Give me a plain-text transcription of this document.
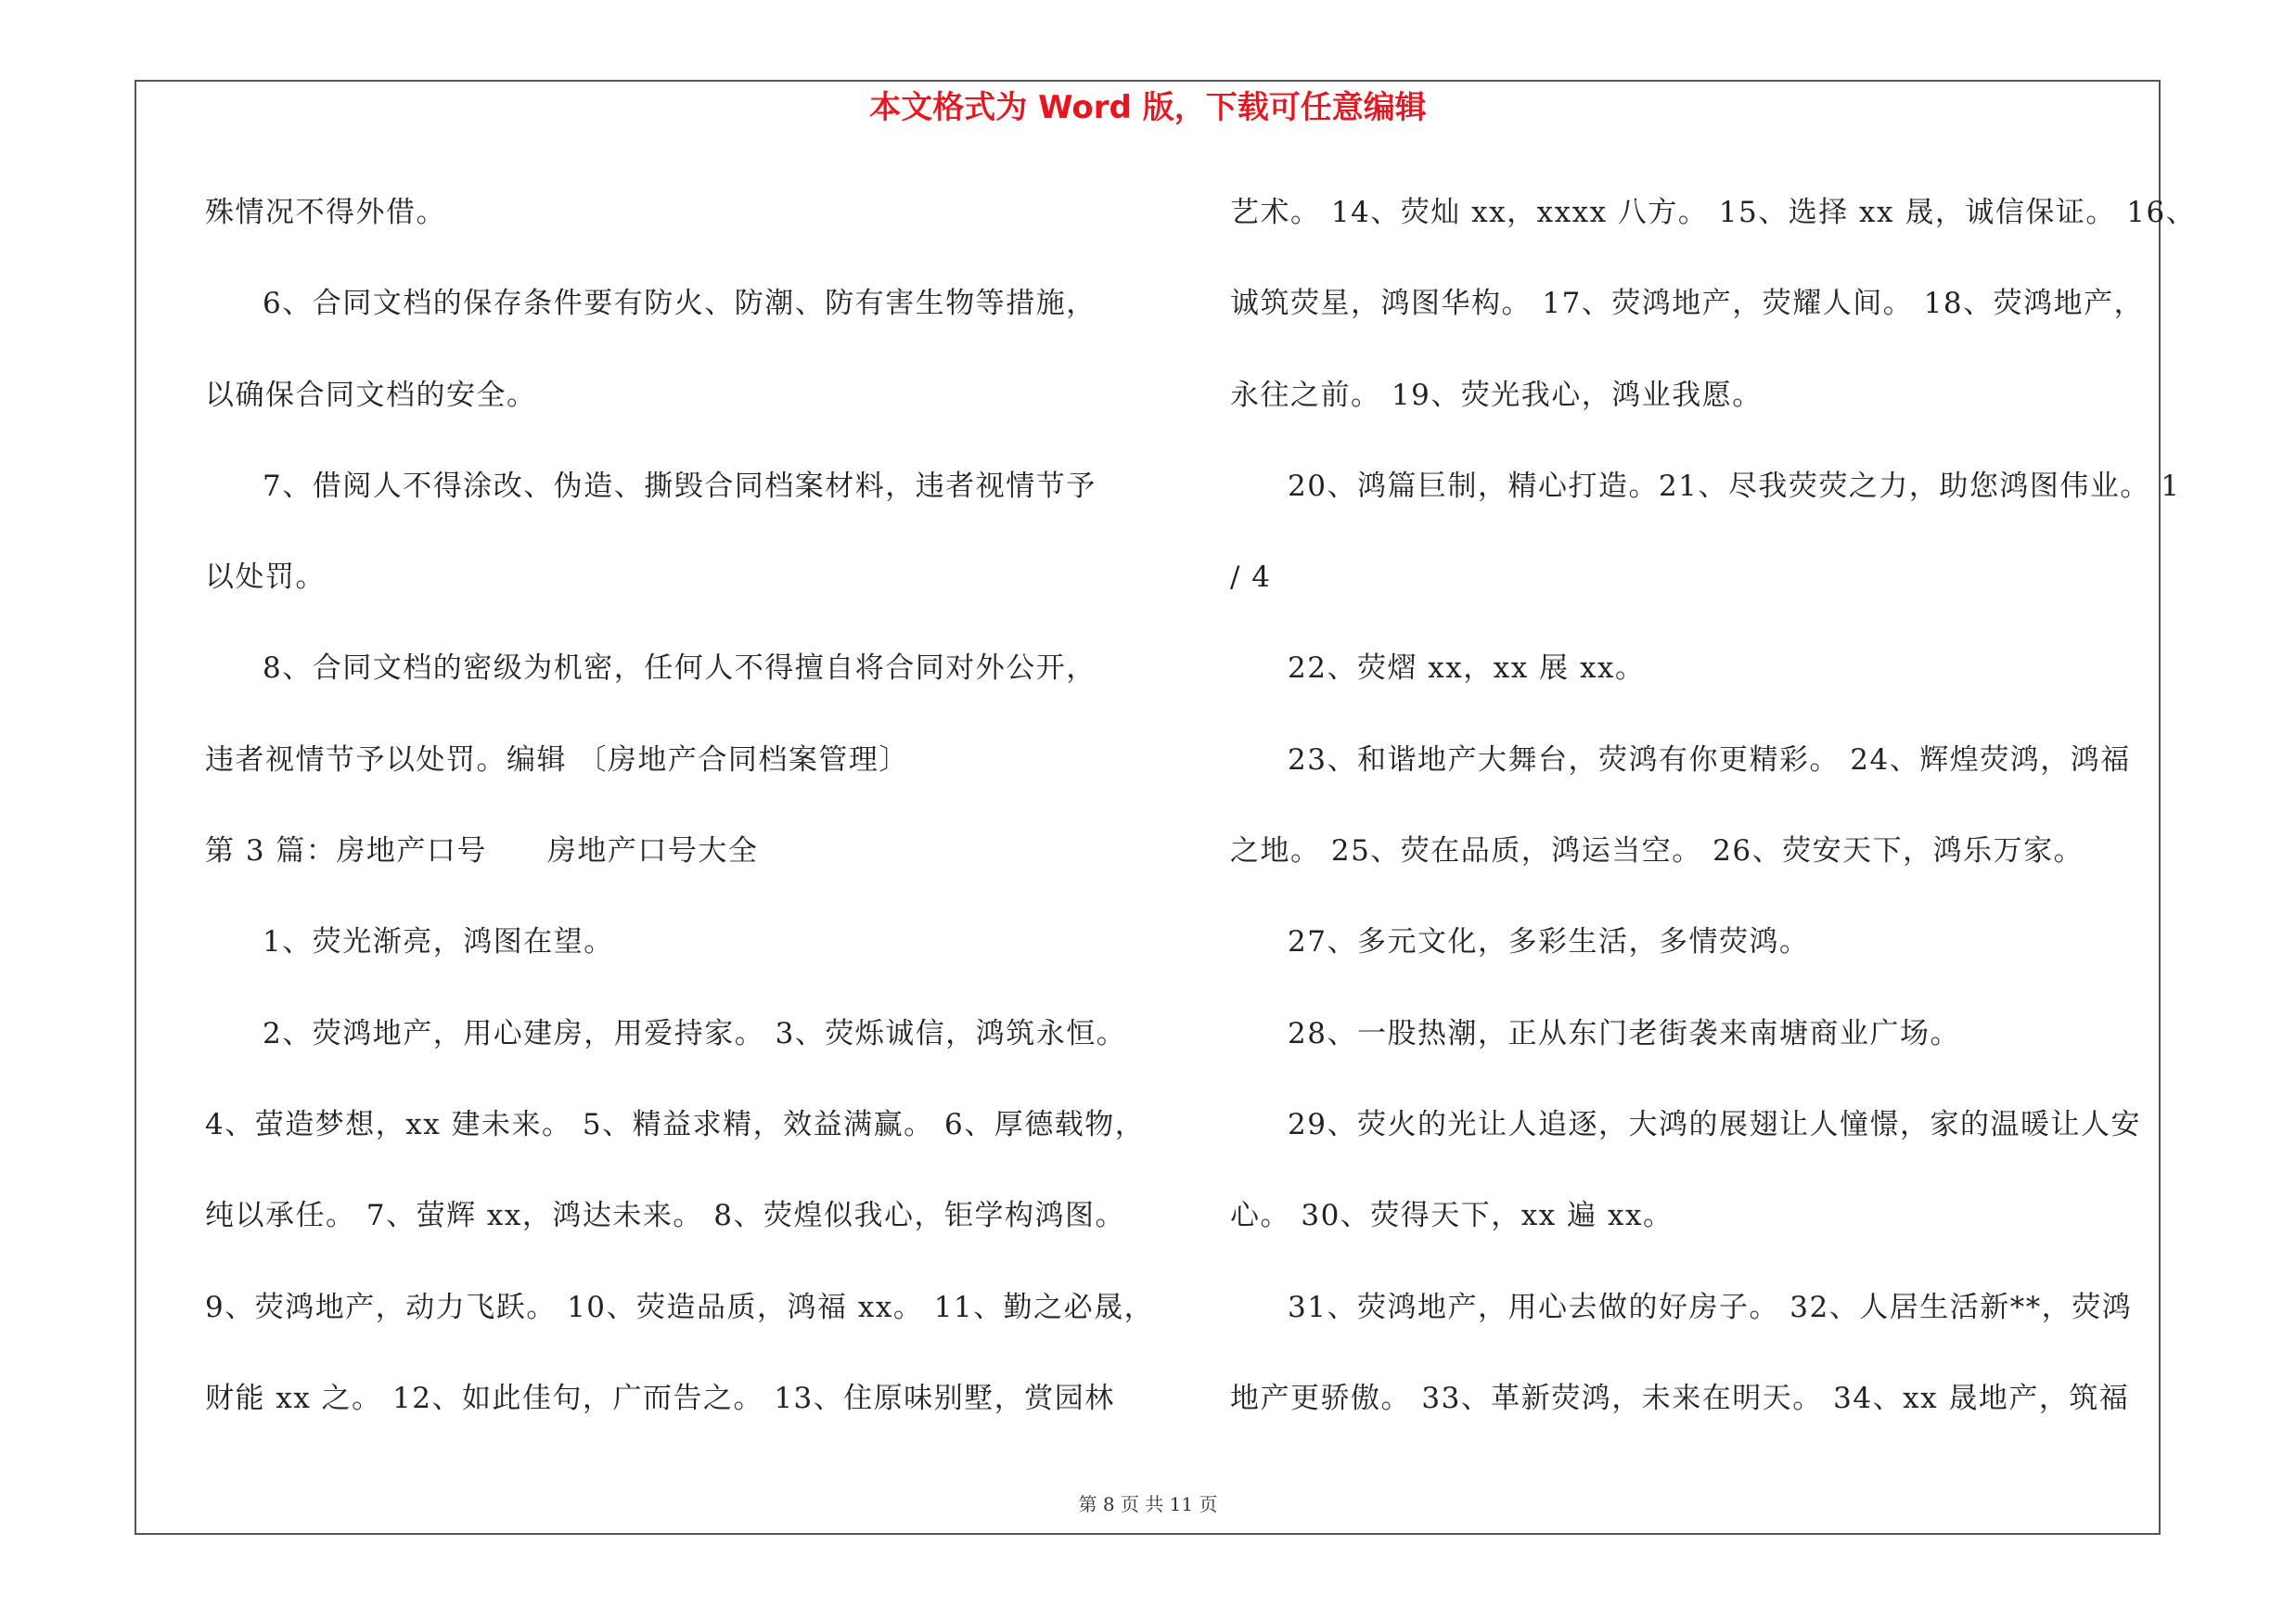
本文格式为 Word 版，下载可任意编辑
殊情况不得外借。
6、合同文档的保存条件要有防火、防潮、防有害生物等措施，
以确保合同文档的安全。
7、借阅人不得涂改、伪造、撕毁合同档案材料，违者视情节予
以处罚。
8、合同文档的密级为机密，任何人不得擅自将合同对外公开，
违者视情节予以处罚。编辑 〔房地产合同档案管理〕
第 3 篇：房地产口号　　房地产口号大全
1、荧光渐亮，鸿图在望。
2、荧鸿地产，用心建房，用爱持家。 3、荧烁诚信，鸿筑永恒。
4、萤造梦想，xx 建未来。 5、精益求精，效益满赢。 6、厚德载物，
纯以承任。 7、萤辉 xx，鸿达未来。 8、荧煌似我心，钜学构鸿图。
9、荧鸿地产，动力飞跃。 10、荧造品质，鸿福 xx。 11、勤之必晟，
财能 xx 之。 12、如此佳句，广而告之。 13、住原味别墅，赏园林
艺术。 14、荧灿 xx，xxxx 八方。 15、选择 xx 晟，诚信保证。 16、
诚筑荧星，鸿图华构。 17、荧鸿地产，荧耀人间。 18、荧鸿地产，
永往之前。 19、荧光我心，鸿业我愿。
20、鸿篇巨制，精心打造。21、尽我荧荧之力，助您鸿图伟业。 1
/ 4
22、荧熠 xx，xx 展 xx。
23、和谐地产大舞台，荧鸿有你更精彩。 24、辉煌荧鸿，鸿福
之地。 25、荧在品质，鸿运当空。 26、荧安天下，鸿乐万家。
27、多元文化，多彩生活，多情荧鸿。
28、一股热潮，正从东门老街袭来南塘商业广场。
29、荧火的光让人追逐，大鸿的展翅让人憧憬，家的温暖让人安
心。 30、荧得天下，xx 遍 xx。
31、荧鸿地产，用心去做的好房子。 32、人居生活新**，荧鸿
地产更骄傲。 33、革新荧鸿，未来在明天。 34、xx 晟地产，筑福
第 8 页 共 11 页
